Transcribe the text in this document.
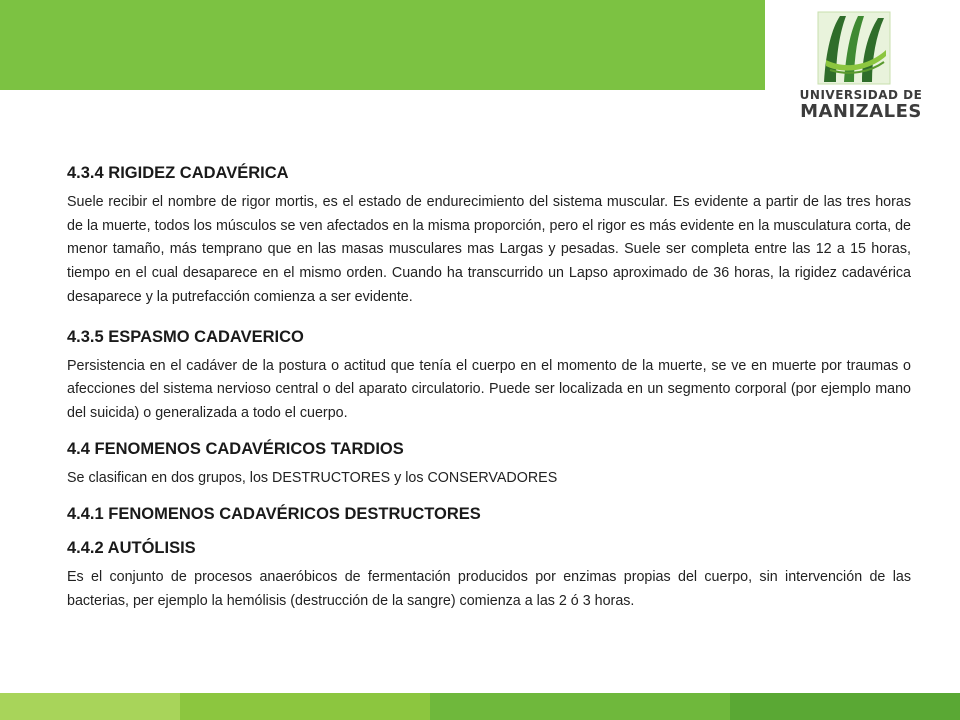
UNIVERSIDAD DE
MANIZALES
4.3.4 RIGIDEZ CADAVÉRICA

Suele recibir el nombre de rigor mortis, es el estado de endurecimiento del sistema muscular. Es evidente a partir de las tres horas de la muerte, todos los músculos se ven afectados en la misma proporción, pero el rigor es más evidente en la musculatura corta, de menor tamaño, más temprano que en las masas musculares mas Largas y pesadas. Suele ser completa entre las 12 a 15 horas, tiempo en el cual desaparece en el mismo orden. Cuando ha transcurrido un Lapso aproximado de 36 horas, la rigidez cadavérica desaparece y la putrefacción comienza a ser evidente.

4.3.5 ESPASMO CADAVERICO

Persistencia en el cadáver de la postura o actitud que tenía el cuerpo en el momento de la muerte, se ve en muerte por traumas o afecciones del sistema nervioso central o del aparato circulatorio. Puede ser localizada en un segmento corporal (por ejemplo mano del suicida) o generalizada a todo el cuerpo.

4.4 FENOMENOS CADAVÉRICOS TARDIOS

Se clasifican en dos grupos, los DESTRUCTORES y los CONSERVADORES

4.4.1 FENOMENOS CADAVÉRICOS DESTRUCTORES
4.4.2 AUTÓLISIS

Es el conjunto de procesos anaeróbicos de fermentación producidos por enzimas propias del cuerpo, sin intervención de las bacterias, per ejemplo la hemólisis (destrucción de la sangre) comienza a las 2 ó 3 horas.
